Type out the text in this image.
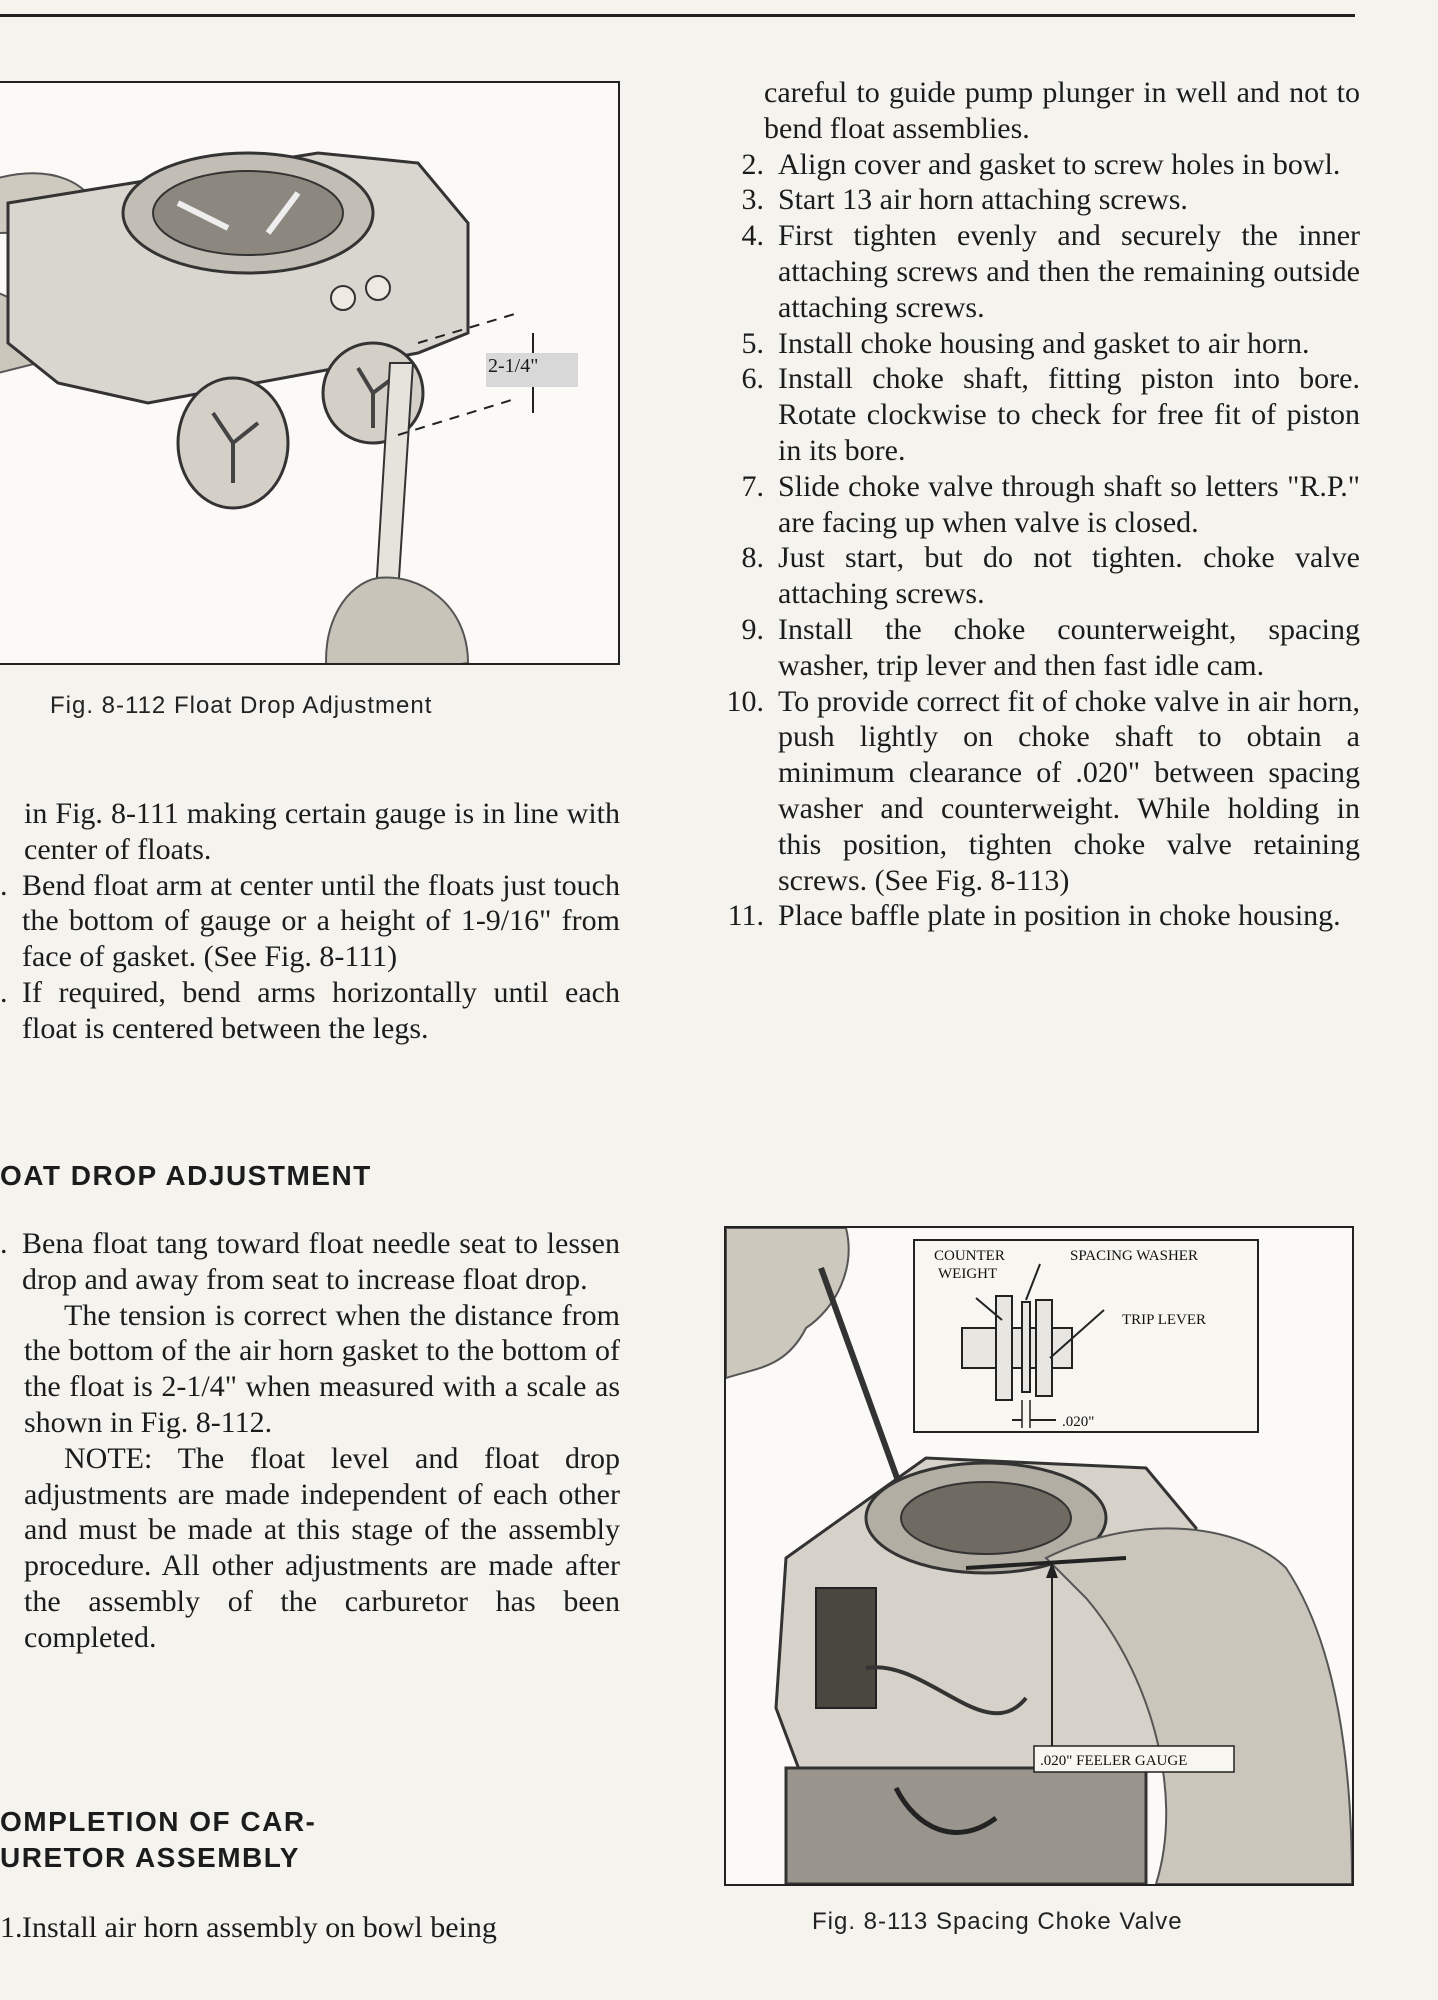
2-1/4"
Fig. 8-112 Float Drop Adjustment

in Fig. 8-111 making certain gauge is in line with center of floats.

. Bend float arm at center until the floats just touch the bottom of gauge or a height of 1-9/16" from face of gasket. (See Fig. 8-111)
. If required, bend arms horizontally until each float is centered between the legs.
OAT DROP ADJUSTMENT
. Bena float tang toward float needle seat to lessen drop and away from seat to increase float drop.

The tension is correct when the distance from the bottom of the air horn gasket to the bottom of the float is 2-1/4" when measured with a scale as shown in Fig. 8-112.

NOTE: The float level and float drop adjustments are made independent of each other and must be made at this stage of the assembly procedure. All other adjustments are made after the assembly of the carburetor has been completed.

OMPLETION OF CAR-
URETOR ASSEMBLY
1. Install air horn assembly on bowl being

careful to guide pump plunger in well and not to bend float assemblies.

2. Align cover and gasket to screw holes in bowl.
3. Start 13 air horn attaching screws.
4. First tighten evenly and securely the inner attaching screws and then the remaining outside attaching screws.
5. Install choke housing and gasket to air horn.
6. Install choke shaft, fitting piston into bore. Rotate clockwise to check for free fit of piston in its bore.
7. Slide choke valve through shaft so letters "R.P." are facing up when valve is closed.
8. Just start, but do not tighten. choke valve attaching screws.
9. Install the choke counterweight, spacing washer, trip lever and then fast idle cam.
10. To provide correct fit of choke valve in air horn, push lightly on choke shaft to obtain a minimum clearance of .020" between spacing washer and counterweight. While holding in this position, tighten choke valve retaining screws. (See Fig. 8-113)
11. Place baffle plate in position in choke housing.
COUNTER
WEIGHT
SPACING WASHER
TRIP LEVER
.020"
.020" FEELER GAUGE
Fig. 8-113 Spacing Choke Valve
